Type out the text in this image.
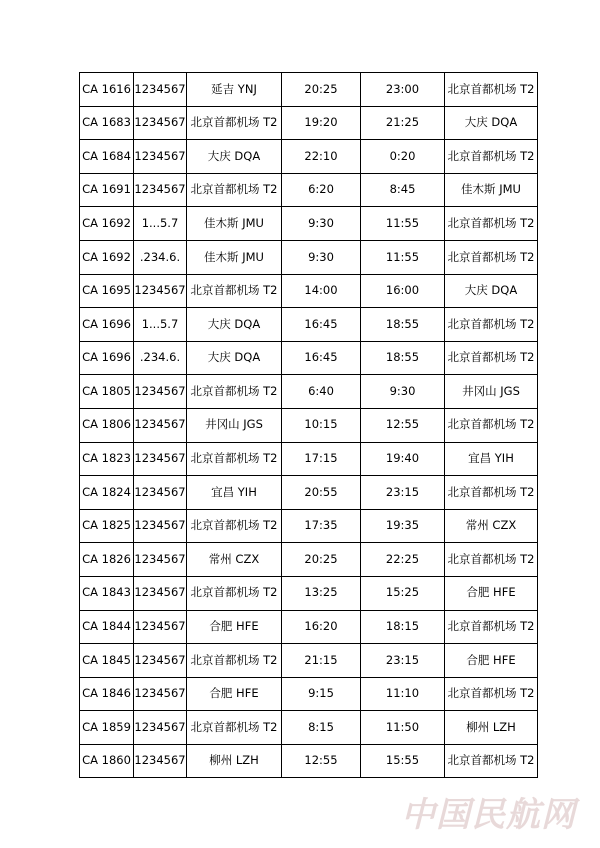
CA 1616	1234567	延吉 YNJ	20:25	23:00	北京首都机场 T2
CA 1683	1234567	北京首都机场 T2	19:20	21:25	大庆 DQA
CA 1684	1234567	大庆 DQA	22:10	0:20	北京首都机场 T2
CA 1691	1234567	北京首都机场 T2	6:20	8:45	佳木斯 JMU
CA 1692	1...5.7	佳木斯 JMU	9:30	11:55	北京首都机场 T2
CA 1692	.234.6.	佳木斯 JMU	9:30	11:55	北京首都机场 T2
CA 1695	1234567	北京首都机场 T2	14:00	16:00	大庆 DQA
CA 1696	1...5.7	大庆 DQA	16:45	18:55	北京首都机场 T2
CA 1696	.234.6.	大庆 DQA	16:45	18:55	北京首都机场 T2
CA 1805	1234567	北京首都机场 T2	6:40	9:30	井冈山 JGS
CA 1806	1234567	井冈山 JGS	10:15	12:55	北京首都机场 T2
CA 1823	1234567	北京首都机场 T2	17:15	19:40	宜昌 YIH
CA 1824	1234567	宜昌 YIH	20:55	23:15	北京首都机场 T2
CA 1825	1234567	北京首都机场 T2	17:35	19:35	常州 CZX
CA 1826	1234567	常州 CZX	20:25	22:25	北京首都机场 T2
CA 1843	1234567	北京首都机场 T2	13:25	15:25	合肥 HFE
CA 1844	1234567	合肥 HFE	16:20	18:15	北京首都机场 T2
CA 1845	1234567	北京首都机场 T2	21:15	23:15	合肥 HFE
CA 1846	1234567	合肥 HFE	9:15	11:10	北京首都机场 T2
CA 1859	1234567	北京首都机场 T2	8:15	11:50	柳州 LZH
CA 1860	1234567	柳州 LZH	12:55	15:55	北京首都机场 T2
中国民航网
